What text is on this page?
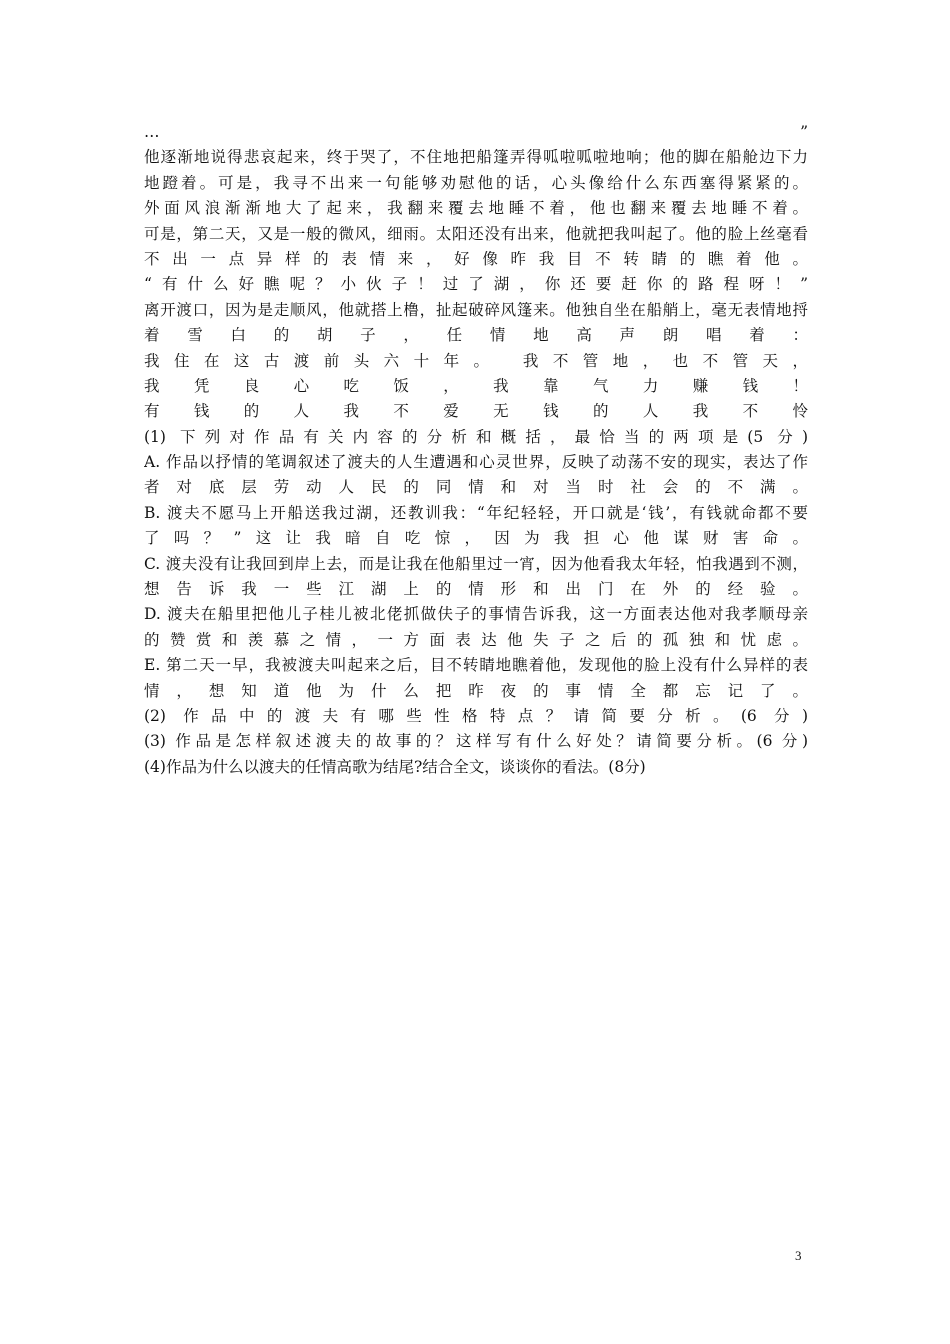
… ”
他逐渐地说得悲哀起来，终于哭了，不住地把船篷弄得呱啦呱啦地响；他的脚在船舱边下力
地蹬着。可是，我寻不出来一句能够劝慰他的话，心头像给什么东西塞得紧紧的。
外面风浪渐渐地大了起来，我翻来覆去地睡不着，他也翻来覆去地睡不着。
可是，第二天，又是一般的微风，细雨。太阳还没有出来，他就把我叫起了。他的脸上丝毫看
不出一点异样的表情来，好像昨我目不转睛的瞧着他。
“有什么好瞧呢？小伙子！过了湖，你还要赶你的路程呀！”
离开渡口，因为是走顺风，他就搭上橹，扯起破碎风篷来。他独自坐在船艄上，毫无表情地捋
着雪白的胡子，任情地高声朗唱着：
我住在这古渡前头六十年。 我不管地，也不管天，
我凭良心吃饭，我靠气力赚钱！
有钱的人我不爱无钱的人我不怜
(1) 下列对作品有关内容的分析和概括，最恰当的两项是(5 分)
A. 作品以抒情的笔调叙述了渡夫的人生遭遇和心灵世界，反映了动荡不安的现实，表达了作
者对底层劳动人民的同情和对当时社会的不满。
B. 渡夫不愿马上开船送我过湖，还教训我：“年纪轻轻，开口就是‘钱’，有钱就命都不要
了吗？”这让我暗自吃惊，因为我担心他谋财害命。
C. 渡夫没有让我回到岸上去，而是让我在他船里过一宵，因为他看我太年轻，怕我遇到不测，
想告诉我一些江湖上的情形和出门在外的经验。
D. 渡夫在船里把他儿子桂儿被北佬抓做伕子的事情告诉我，这一方面表达他对我孝顺母亲
的赞赏和羡慕之情，一方面表达他失子之后的孤独和忧虑。
E. 第二天一早，我被渡夫叫起来之后，目不转睛地瞧着他，发现他的脸上没有什么异样的表
情，想知道他为什么把昨夜的事情全都忘记了。
(2) 作品中的渡夫有哪些性格特点？请简要分析。(6 分)
(3) 作品是怎样叙述渡夫的故事的？这样写有什么好处？请简要分析。(6 分)
(4)作品为什么以渡夫的任情高歌为结尾?结合全文，谈谈你的看法。(8分)
3
